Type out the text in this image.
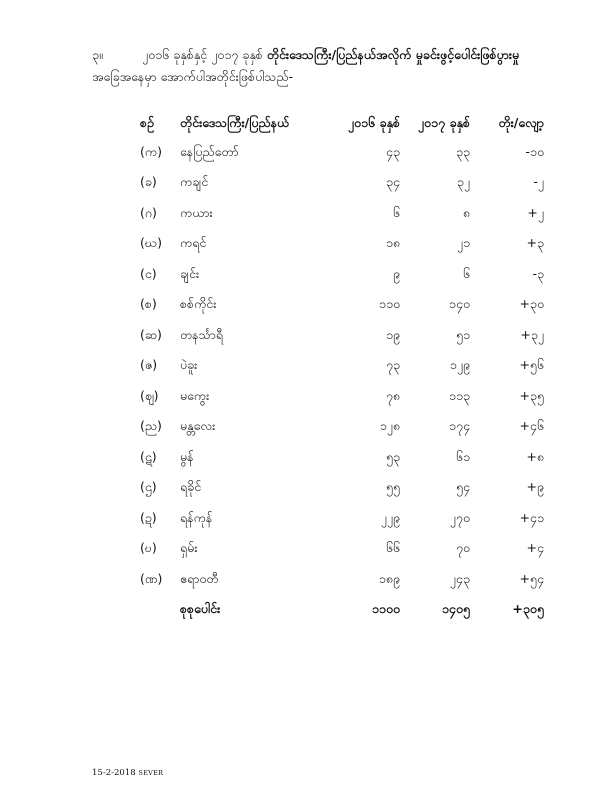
၃။	၂၀၁၆ ခုနှစ်နှင့် ၂၀၁၇ ခုနှစ် တိုင်းဒေသကြီး/ပြည်နယ်အလိုက် မှုခင်းဖွင့်ပေါင်းဖြစ်ပွားမှု
အခြေအနေမှာ အောက်ပါအတိုင်းဖြစ်ပါသည်-
စဉ်	တိုင်းဒေသကြီး/ပြည်နယ်	၂၀၁၆ ခုနှစ်	၂၀၁၇ ခုနှစ်	တိုး/လျော့
(က)	နေပြည်တော်	၄၃	၃၃	-၁၀
(ခ)	ကချင်	၃၄	၃၂	-၂
(ဂ)	ကယား	၆	၈	+၂
(ဃ)	ကရင်	၁၈	၂၁	+၃
(င)	ချင်း	၉	၆	-၃
(စ)	စစ်ကိုင်း	၁၁၀	၁၄၀	+၃၀
(ဆ)	တနင်္သာရီ	၁၉	၅၁	+၃၂
(ဇ)	ပဲခူး	၇၃	၁၂၉	+၅၆
(ဈ)	မကွေး	၇၈	၁၁၃	+၃၅
(ည)	မန္တလေး	၁၂၈	၁၇၄	+၄၆
(ဋ)	မွန်	၅၃	၆၁	+၈
(ဌ)	ရခိုင်	၅၅	၅၄	+၉
(ဍ)	ရန်ကုန်	၂၂၉	၂၇၀	+၄၁
(ဎ)	ရှမ်း	၆၆	၇၀	+၄
(ဏ)	ဧရာဝတီ	၁၈၉	၂၄၃	+၅၄
	စုစုပေါင်း	၁၁၀၀	၁၄၀၅	+၃၀၅
15-2-2018 SEVER
